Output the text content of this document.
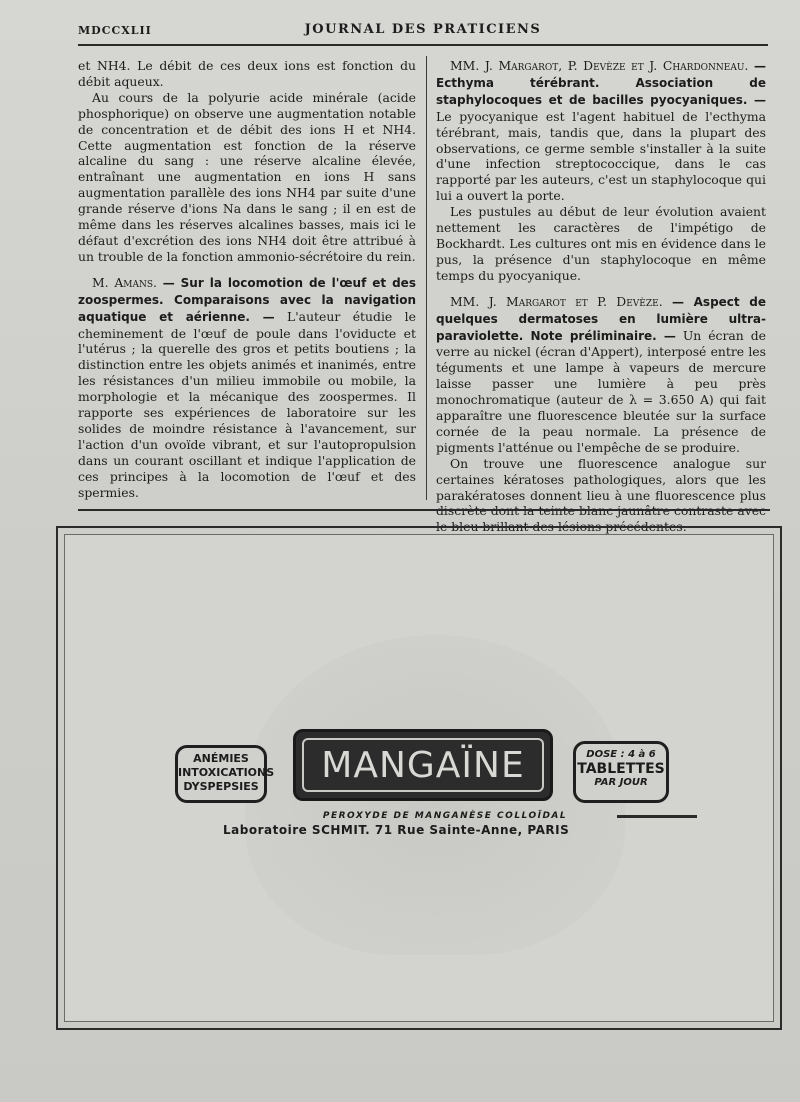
MDCCXLII	JOURNAL DES PRATICIENS

et NH4. Le débit de ces deux ions est fonction du débit aqueux.

Au cours de la polyurie acide minérale (acide phosphorique) on observe une augmentation notable de concentration et de débit des ions H et NH4. Cette augmentation est fonction de la réserve alcaline du sang : une réserve alcaline élevée, entraînant une augmentation en ions H sans augmentation parallèle des ions NH4 par suite d'une grande réserve d'ions Na dans le sang ; il en est de même dans les réserves alcalines basses, mais ici le défaut d'excrétion des ions NH4 doit être attribué à un trouble de la fonction ammonio-sécrétoire du rein.

M. Amans. — Sur la locomotion de l'œuf et des zoospermes. Comparaisons avec la navigation aquatique et aérienne. — L'auteur étudie le cheminement de l'œuf de poule dans l'oviducte et l'utérus ; la querelle des gros et petits boutiens ; la distinction entre les objets animés et inanimés, entre les résistances d'un milieu immobile ou mobile, la morphologie et la mécanique des zoospermes. Il rapporte ses expériences de laboratoire sur les solides de moindre résistance à l'avancement, sur l'action d'un ovoïde vibrant, et sur l'autopropulsion dans un courant oscillant et indique l'application de ces principes à la locomotion de l'œuf et des spermies.

MM. J. Margarot, P. Devèze et J. Chardonneau. — Ecthyma térébrant. Association de staphylocoques et de bacilles pyocyaniques. — Le pyocyanique est l'agent habituel de l'ecthyma térébrant, mais, tandis que, dans la plupart des observations, ce germe semble s'installer à la suite d'une infection streptococcique, dans le cas rapporté par les auteurs, c'est un staphylocoque qui lui a ouvert la porte.

Les pustules au début de leur évolution avaient nettement les caractères de l'impétigo de Bockhardt. Les cultures ont mis en évidence dans le pus, la présence d'un staphylocoque en même temps du pyocyanique.

MM. J. Margarot et P. Devèze. — Aspect de quelques dermatoses en lumière ultra-paraviolette. Note préliminaire. — Un écran de verre au nickel (écran d'Appert), interposé entre les téguments et une lampe à vapeurs de mercure laisse passer une lumière à peu près monochromatique (auteur de λ = 3.650 A) qui fait apparaître une fluorescence bleutée sur la surface cornée de la peau normale. La présence de pigments l'atténue ou l'empêche de se produire.

On trouve une fluorescence analogue sur certaines kératoses pathologiques, alors que les parakératoses donnent lieu à une fluorescence plus discrète dont la teinte blanc jaunâtre contraste avec le bleu brillant des lésions précédentes.

ANÉMIES
INTOXICATIONS
DYSPEPSIES
MANGAÏNE	DOSE : 4 à 6
TABLETTES
PAR JOUR
PEROXYDE DE MANGANÈSE COLLOÏDAL
Laboratoire SCHMIT. 71 Rue Sainte-Anne, PARIS
